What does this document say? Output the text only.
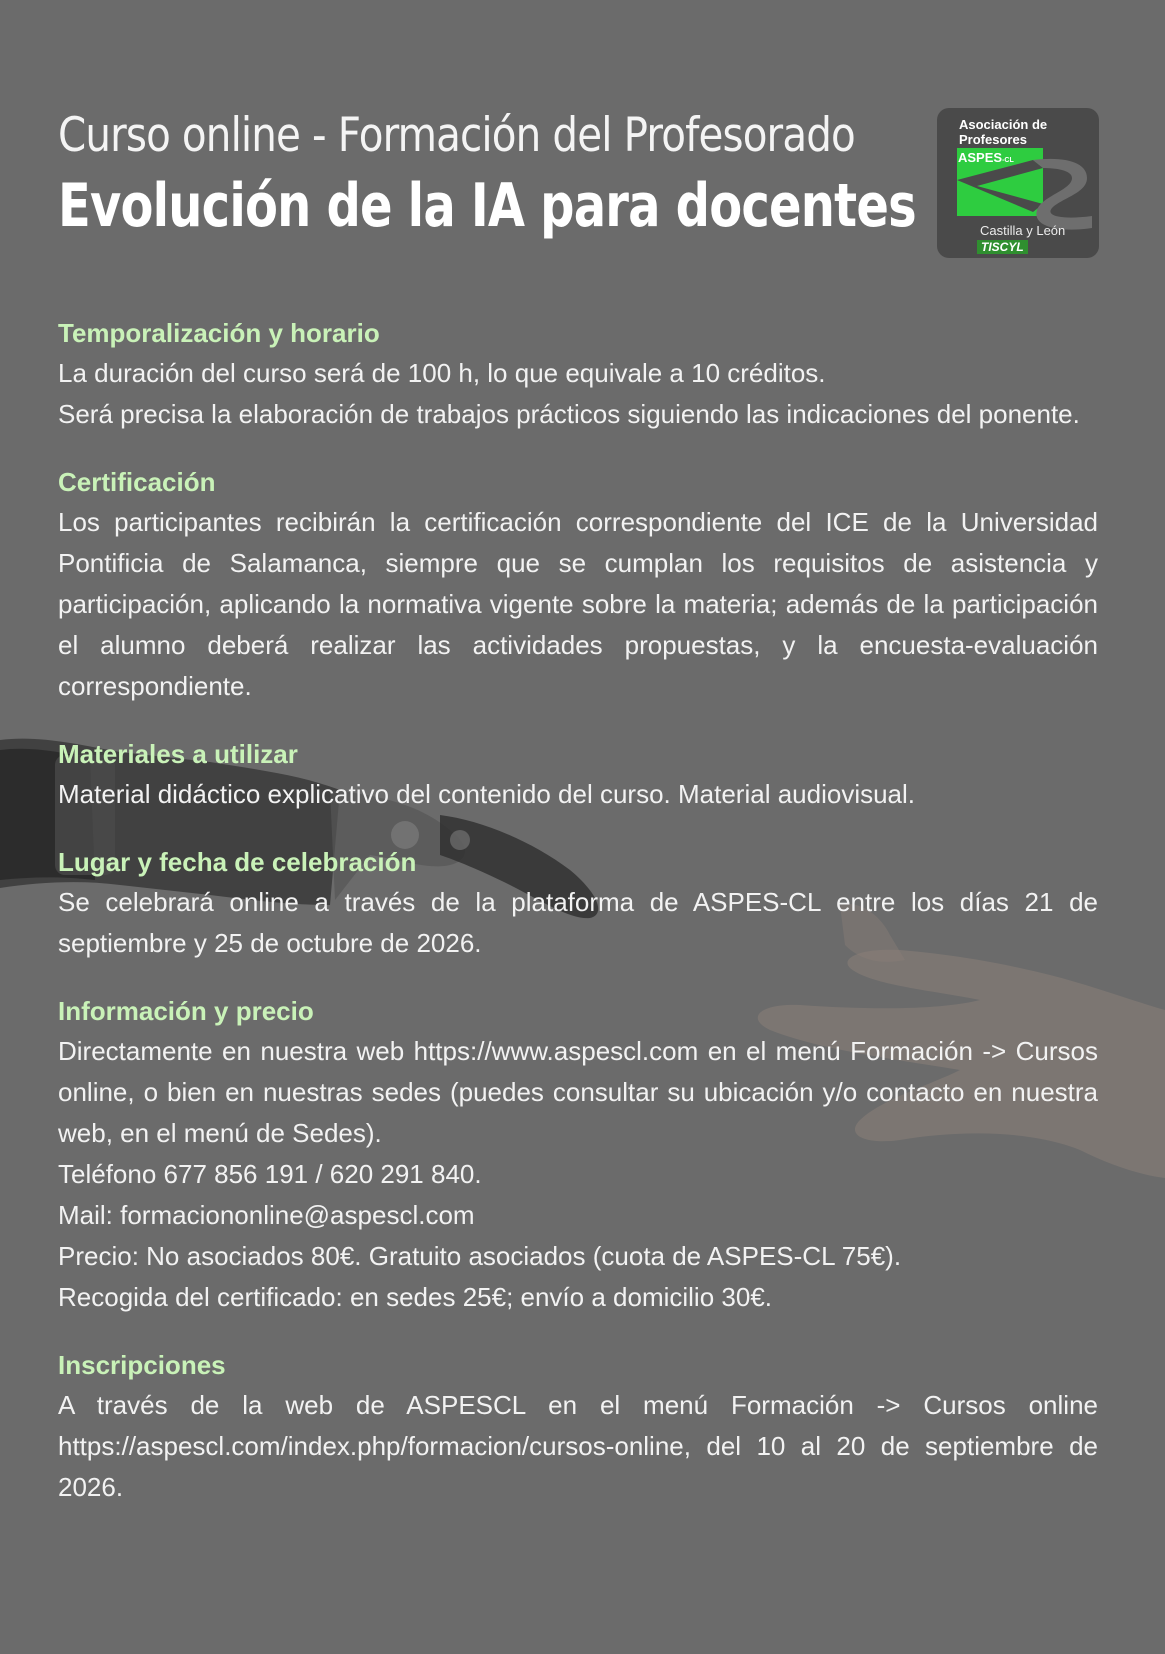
Curso online - Formación del Profesorado
Evolución de la IA para docentes
Asociación de
Profesores
ASPES-CL
Castilla y León
TISCYL
Temporalización y horario

La duración del curso será de 100 h, lo que equivale a 10 créditos.

Será precisa la elaboración de trabajos prácticos siguiendo las indicaciones del ponente.

Certificación

Los participantes recibirán la certificación correspondiente del ICE de la Universidad Pontificia de Salamanca, siempre que se cumplan los requisitos de asistencia y participación, aplicando la normativa vigente sobre la materia; además de la participación el alumno deberá realizar las actividades propuestas, y la encuesta-evaluación correspondiente.

Materiales a utilizar

Material didáctico explicativo del contenido del curso. Material audiovisual.

Lugar y fecha de celebración

Se celebrará online a través de la plataforma de ASPES-CL entre los días 21 de septiembre y 25 de octubre de 2026.

Información y precio

Directamente en nuestra web https://www.aspescl.com en el menú Formación -> Cursos online, o bien en nuestras sedes (puedes consultar su ubicación y/o contacto en nuestra web, en el menú de Sedes).

Teléfono 677 856 191 / 620 291 840.

Mail: formaciononline@aspescl.com

Precio: No asociados 80€. Gratuito asociados (cuota de ASPES-CL 75€).

Recogida del certificado: en sedes 25€; envío a domicilio 30€.

Inscripciones

A través de la web de ASPESCL en el menú Formación -> Cursos online https://aspescl.com/index.php/formacion/cursos-online, del 10 al 20 de septiembre de 2026.
